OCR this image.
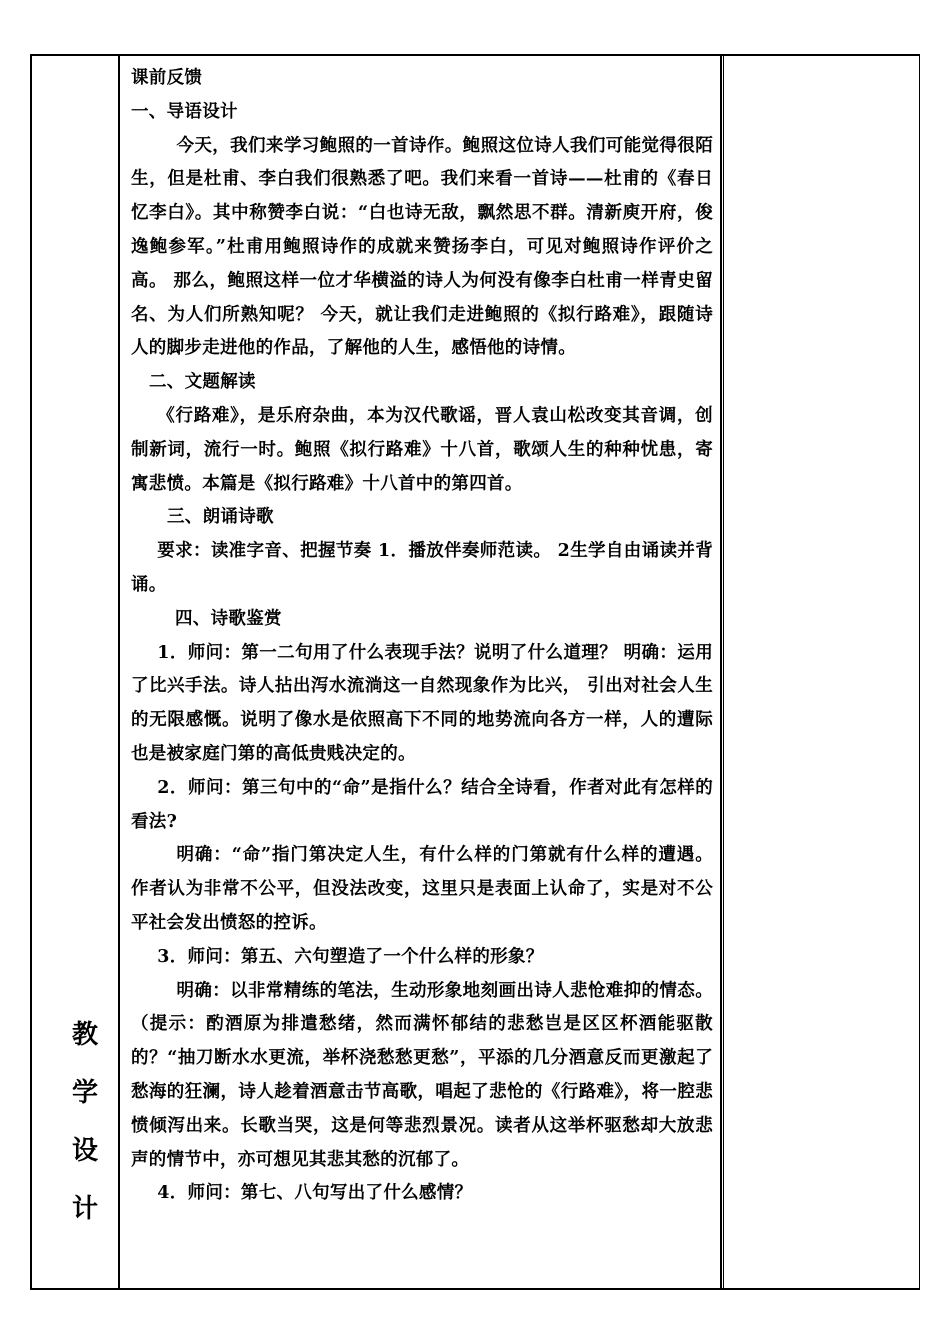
教
学
设
计

课前反馈

一、导语设计

今天，我们来学习鲍照的一首诗作。鲍照这位诗人我们可能觉得很陌生，但是杜甫、李白我们很熟悉了吧。我们来看一首诗——杜甫的《春日忆李白》。其中称赞李白说：“白也诗无敌，飘然思不群。清新庾开府，俊逸鲍参军。”杜甫用鲍照诗作的成就来赞扬李白，可见对鲍照诗作评价之高。 那么，鲍照这样一位才华横溢的诗人为何没有像李白杜甫一样青史留名、为人们所熟知呢？ 今天，就让我们走进鲍照的《拟行路难》，跟随诗人的脚步走进他的作品，了解他的人生，感悟他的诗情。

二、文题解读

《行路难》，是乐府杂曲，本为汉代歌谣，晋人袁山松改变其音调，创制新词，流行一时。鲍照《拟行路难》十八首，歌颂人生的种种忧患，寄寓悲愤。本篇是《拟行路难》十八首中的第四首。

三、朗诵诗歌

要求：读准字音、把握节奏 1．播放伴奏师范读。 2生学自由诵读并背诵。

四、诗歌鉴赏

1．师问：第一二句用了什么表现手法？说明了什么道理？ 明确：运用了比兴手法。诗人拈出泻水流淌这一自然现象作为比兴， 引出对社会人生的无限感慨。说明了像水是依照高下不同的地势流向各方一样，人的遭际也是被家庭门第的高低贵贱决定的。

2．师问：第三句中的“命”是指什么？结合全诗看，作者对此有怎样的看法?

明确：“命”指门第决定人生，有什么样的门第就有什么样的遭遇。作者认为非常不公平，但没法改变，这里只是表面上认命了，实是对不公平社会发出愤怒的控诉。

3．师问：第五、六句塑造了一个什么样的形象？

明确：以非常精练的笔法，生动形象地刻画出诗人悲怆难抑的情态。（提示：酌酒原为排遣愁绪，然而满怀郁结的悲愁岂是区区杯酒能驱散的？“抽刀断水水更流，举杯浇愁愁更愁”，平添的几分酒意反而更激起了愁海的狂澜，诗人趁着酒意击节高歌，唱起了悲怆的《行路难》，将一腔悲愤倾泻出来。长歌当哭，这是何等悲烈景况。读者从这举杯驱愁却大放悲声的情节中，亦可想见其悲其愁的沉郁了。

4．师问：第七、八句写出了什么感情？
